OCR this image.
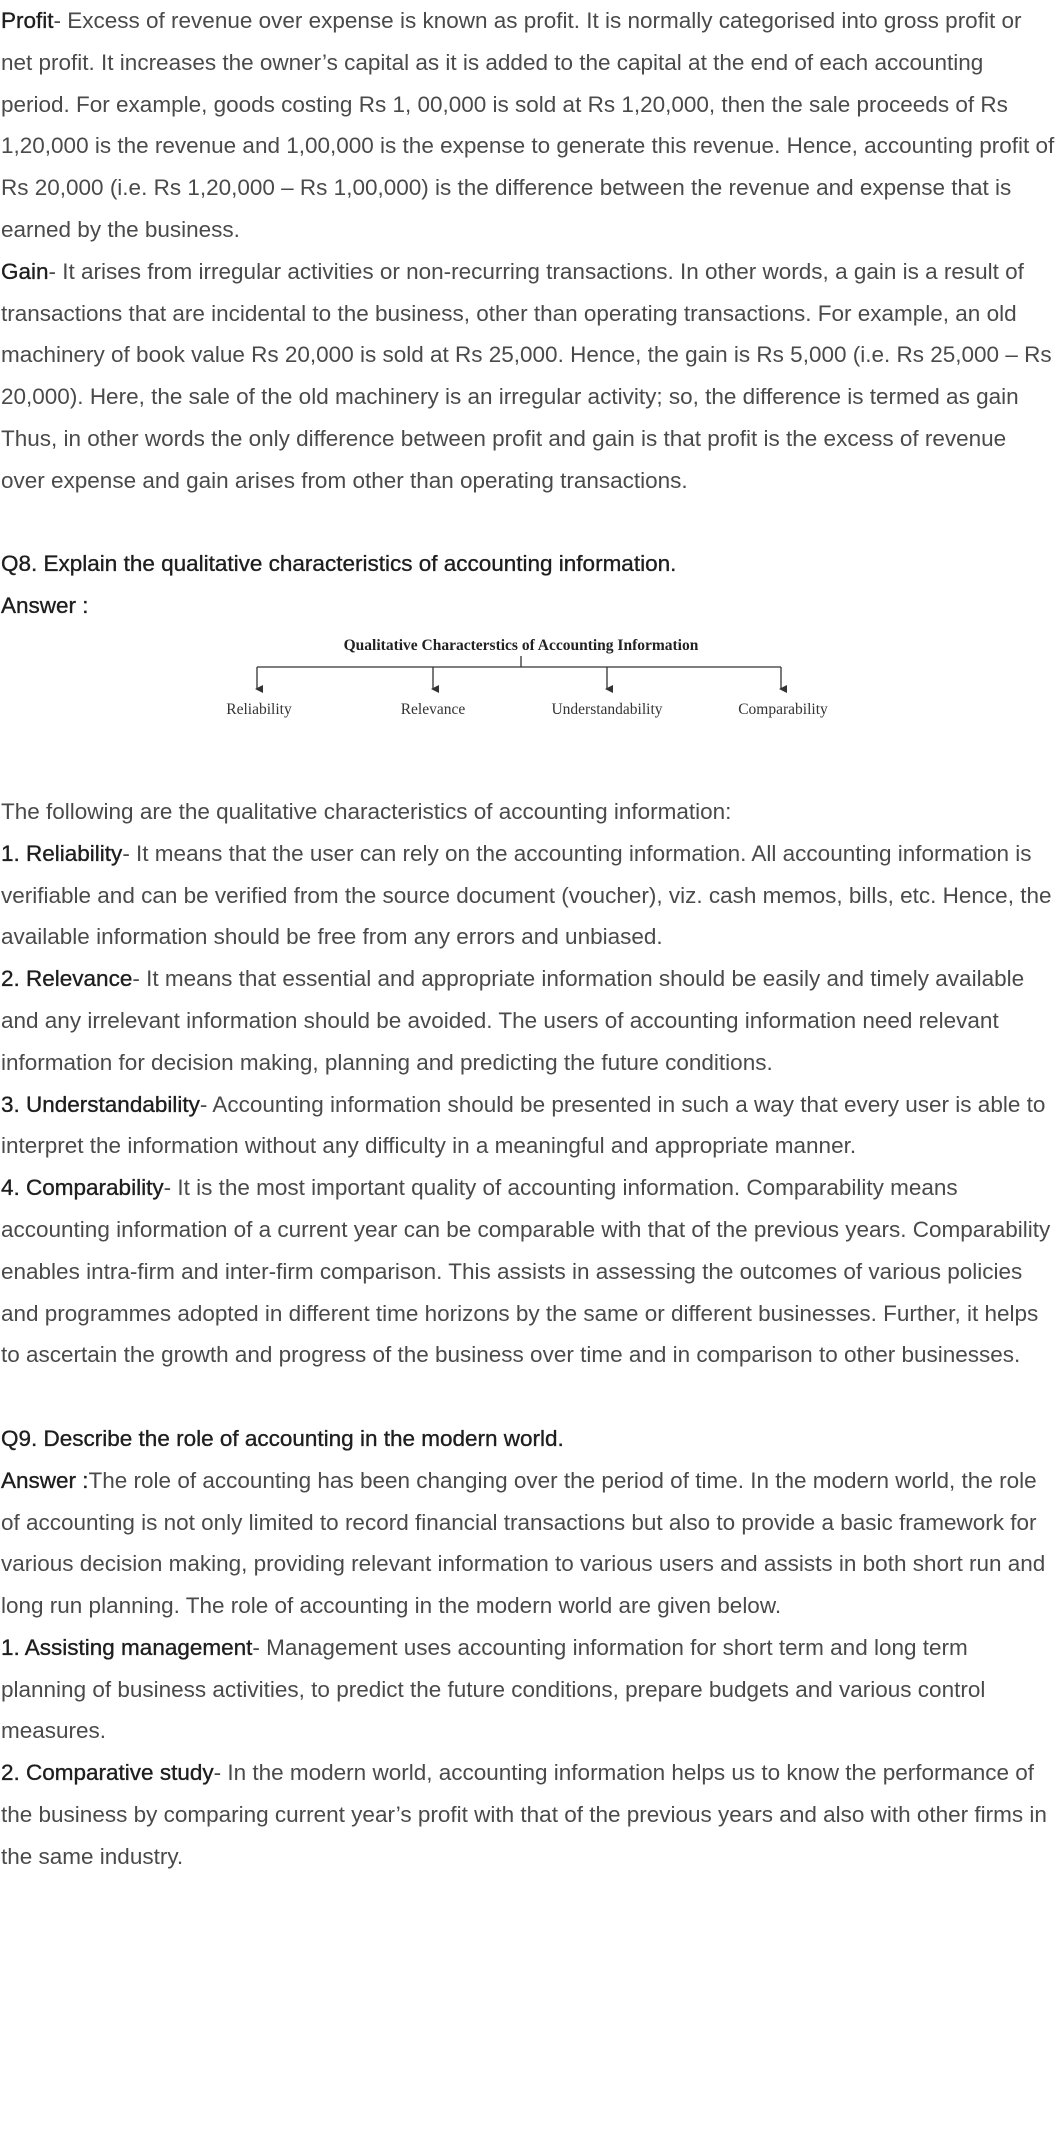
Profit- Excess of revenue over expense is known as profit. It is normally categorised into gross profit or net profit. It increases the owner’s capital as it is added to the capital at the end of each accounting period. For example, goods costing Rs 1, 00,000 is sold at Rs 1,20,000, then the sale proceeds of Rs 1,20,000 is the revenue and 1,00,000 is the expense to generate this revenue. Hence, accounting profit of Rs 20,000 (i.e. Rs 1,20,000 – Rs 1,00,000) is the difference between the revenue and expense that is earned by the business.

Gain- It arises from irregular activities or non-recurring transactions. In other words, a gain is a result of transactions that are incidental to the business, other than operating transactions. For example, an old machinery of book value Rs 20,000 is sold at Rs 25,000. Hence, the gain is Rs 5,000 (i.e. Rs 25,000 – Rs 20,000). Here, the sale of the old machinery is an irregular activity; so, the difference is termed as gain

Thus, in other words the only difference between profit and gain is that profit is the excess of revenue over expense and gain arises from other than operating transactions.

Q8. Explain the qualitative characteristics of accounting information.

Answer :

Qualitative Characterstics of Accounting Information
Reliability	Relevance	Understandability	Comparability

The following are the qualitative characteristics of accounting information:

1. Reliability- It means that the user can rely on the accounting information. All accounting information is verifiable and can be verified from the source document (voucher), viz. cash memos, bills, etc. Hence, the available information should be free from any errors and unbiased.

2. Relevance- It means that essential and appropriate information should be easily and timely available and any irrelevant information should be avoided. The users of accounting information need relevant information for decision making, planning and predicting the future conditions.

3. Understandability- Accounting information should be presented in such a way that every user is able to interpret the information without any difficulty in a meaningful and appropriate manner.

4. Comparability- It is the most important quality of accounting information. Comparability means accounting information of a current year can be comparable with that of the previous years. Comparability enables intra-firm and inter-firm comparison. This assists in assessing the outcomes of various policies and programmes adopted in different time horizons by the same or different businesses. Further, it helps to ascertain the growth and progress of the business over time and in comparison to other businesses.

Q9. Describe the role of accounting in the modern world.

Answer :The role of accounting has been changing over the period of time. In the modern world, the role of accounting is not only limited to record financial transactions but also to provide a basic framework for various decision making, providing relevant information to various users and assists in both short run and long run planning. The role of accounting in the modern world are given below.

1. Assisting management- Management uses accounting information for short term and long term planning of business activities, to predict the future conditions, prepare budgets and various control measures.

2. Comparative study- In the modern world, accounting information helps us to know the performance of the business by comparing current year’s profit with that of the previous years and also with other firms in the same industry.
